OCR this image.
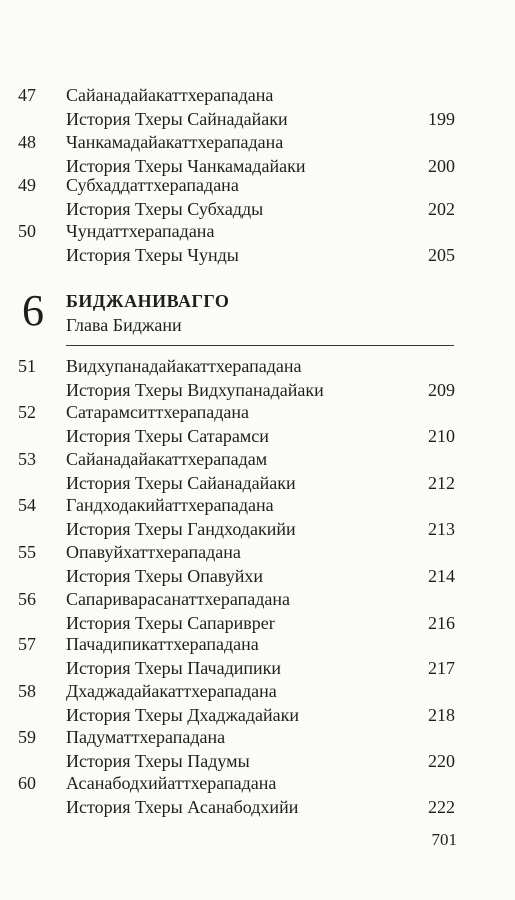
47 Сайанадайакаттхерападана
История Тхеры Сайнадайаки	199
48 Чанкамадайакаттхерападана
История Тхеры Чанкамадайаки	200
49 Субхаддаттхерападана
История Тхеры Субхадды	202
50 Чундаттхерападана
История Тхеры Чунды	205
6 БИДЖАНИВАГГО
Глава Биджани
51 Видхупанадайакаттхерападана
История Тхеры Видхупанадайаки	209
52 Сатарамситтхерападана
История Тхеры Сатарамси	210
53 Сайанадайакаттхерападам
История Тхеры Сайанадайаки	212
54 Гандходакийаттхерападана
История Тхеры Гандходакийи	213
55 Опавуйхаттхерападана
История Тхеры Опавуйхи	214
56 Сапариварасанаттхерападана
История Тхеры Сапаривper	216
57 Пачадипикаттхерападана
История Тхеры Пачадипики	217
58 Дхаджадайакаттхерападана
История Тхеры Дхаджадайаки	218
59 Падуматтхерападана
История Тхеры Падумы	220
60 Асанабодхийаттхерападана
История Тхеры Асанабодхийи	222
701
